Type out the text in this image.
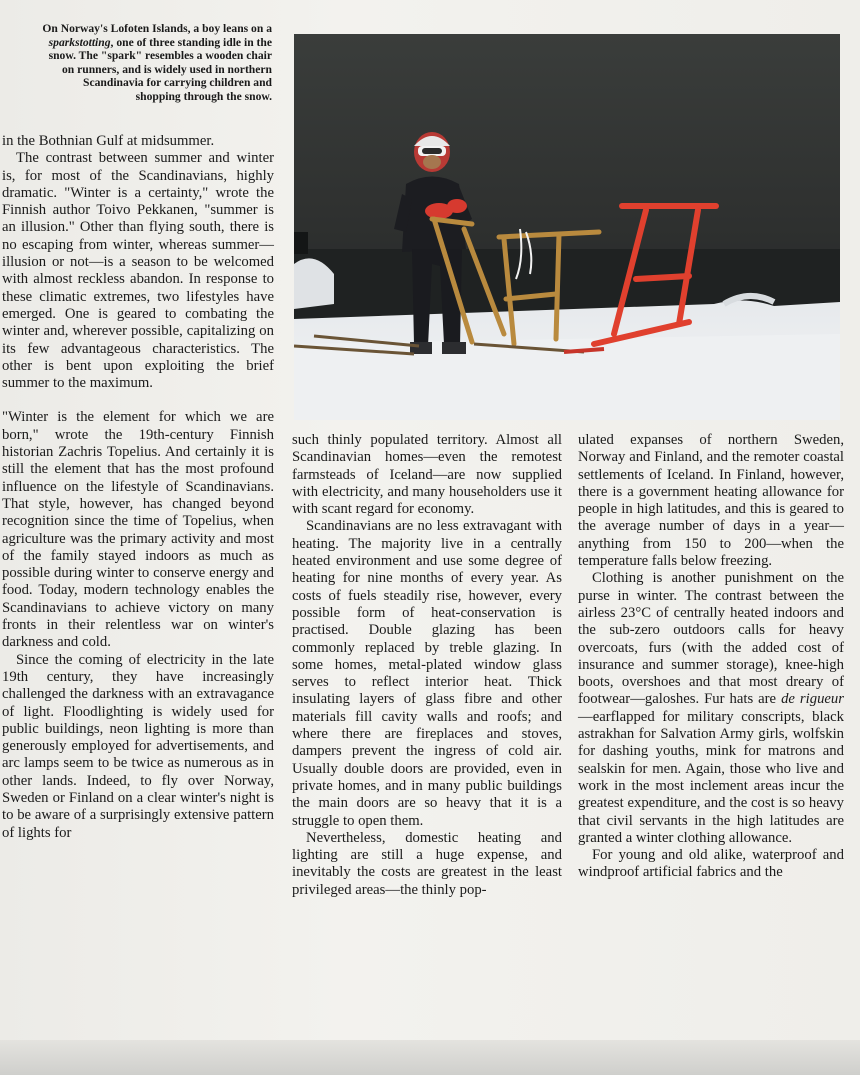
On Norway's Lofoten Islands, a boy leans on a sparkstotting, one of three standing idle in the snow. The "spark" resembles a wooden chair on runners, and is widely used in northern Scandinavia for carrying children and shopping through the snow.

in the Bothnian Gulf at midsummer.

The contrast between summer and winter is, for most of the Scandinavians, highly dramatic. "Winter is a certainty," wrote the Finnish author Toivo Pekkanen, "summer is an illusion." Other than flying south, there is no escaping from winter, whereas summer—illusion or not—is a season to be welcomed with almost reckless abandon. In response to these climatic extremes, two lifestyles have emerged. One is geared to combating the winter and, wherever possible, capitalizing on its few advantageous characteristics. The other is bent upon exploiting the brief summer to the maximum.

"Winter is the element for which we are born," wrote the 19th-century Finnish historian Zachris Topelius. And certainly it is still the element that has the most profound influence on the lifestyle of Scandinavians. That style, however, has changed beyond recognition since the time of Topelius, when agriculture was the primary activity and most of the family stayed indoors as much as possible during winter to conserve energy and food. Today, modern technology enables the Scandinavians to achieve victory on many fronts in their relentless war on winter's darkness and cold.

Since the coming of electricity in the late 19th century, they have increasingly challenged the darkness with an extravagance of light. Floodlighting is widely used for public buildings, neon lighting is more than generously employed for advertisements, and arc lamps seem to be twice as numerous as in other lands. Indeed, to fly over Norway, Sweden or Finland on a clear winter's night is to be aware of a surprisingly extensive pattern of lights for

such thinly populated territory. Almost all Scandinavian homes—even the remotest farmsteads of Iceland—are now supplied with electricity, and many householders use it with scant regard for economy.

Scandinavians are no less extravagant with heating. The majority live in a centrally heated environment and use some degree of heating for nine months of every year. As costs of fuels steadily rise, however, every possible form of heat-conservation is practised. Double glazing has been commonly replaced by treble glazing. In some homes, metal-plated window glass serves to reflect interior heat. Thick insulating layers of glass fibre and other materials fill cavity walls and roofs; and where there are fireplaces and stoves, dampers prevent the ingress of cold air. Usually double doors are provided, even in private homes, and in many public buildings the main doors are so heavy that it is a struggle to open them.

Nevertheless, domestic heating and lighting are still a huge expense, and inevitably the costs are greatest in the least privileged areas—the thinly pop-

ulated expanses of northern Sweden, Norway and Finland, and the remoter coastal settlements of Iceland. In Finland, however, there is a government heating allowance for people in high latitudes, and this is geared to the average number of days in a year—anything from 150 to 200—when the temperature falls below freezing.

Clothing is another punishment on the purse in winter. The contrast between the airless 23°C of centrally heated indoors and the sub-zero outdoors calls for heavy overcoats, furs (with the added cost of insurance and summer storage), knee-high boots, overshoes and that most dreary of footwear—galoshes. Fur hats are de rigueur—earflapped for military conscripts, black astrakhan for Salvation Army girls, wolfskin for dashing youths, mink for matrons and sealskin for men. Again, those who live and work in the most inclement areas incur the greatest expenditure, and the cost is so heavy that civil servants in the high latitudes are granted a winter clothing allowance.

For young and old alike, waterproof and windproof artificial fabrics and the
